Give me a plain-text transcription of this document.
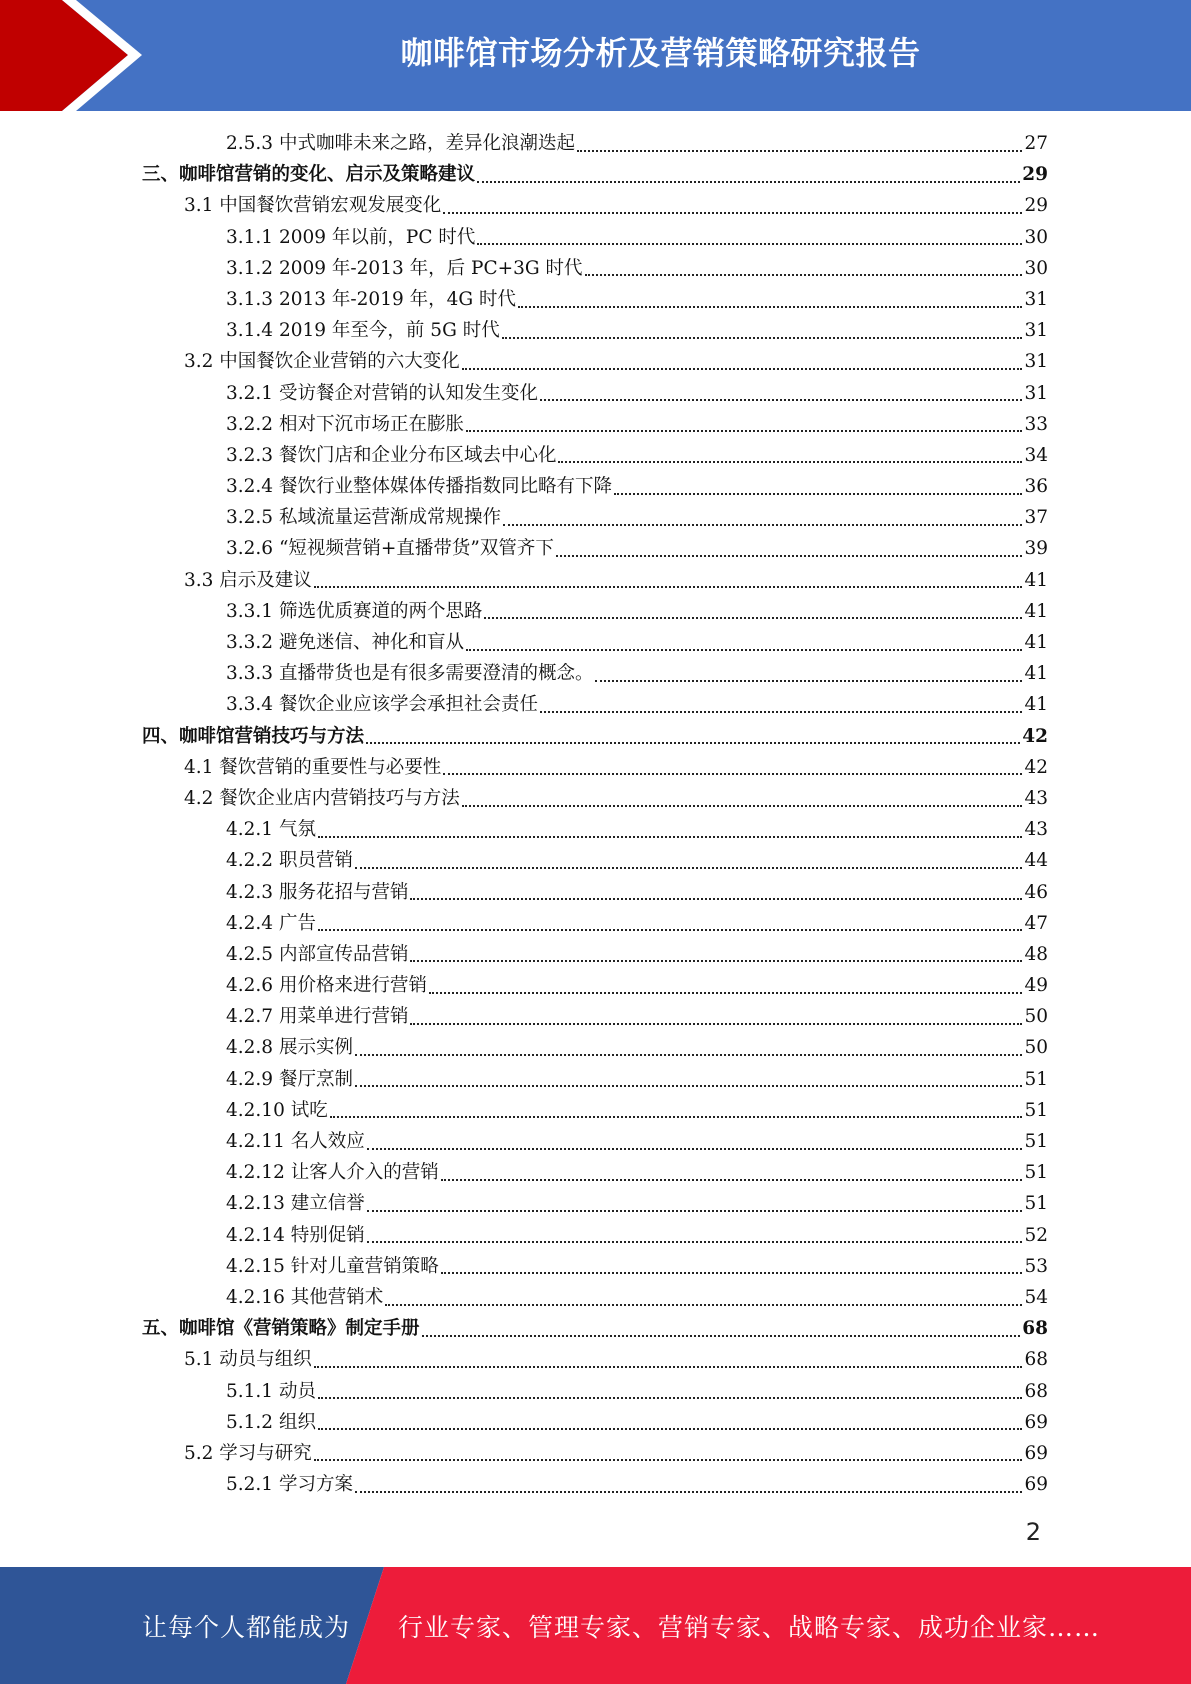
咖啡馆市场分析及营销策略研究报告
2.5.3 中式咖啡未来之路，差异化浪潮迭起	27
三、咖啡馆营销的变化、启示及策略建议	29
3.1 中国餐饮营销宏观发展变化	29
3.1.1 2009 年以前，PC 时代	30
3.1.2 2009 年-2013 年，后 PC+3G 时代	30
3.1.3 2013 年-2019 年，4G 时代	31
3.1.4 2019 年至今，前 5G 时代	31
3.2 中国餐饮企业营销的六大变化	31
3.2.1 受访餐企对营销的认知发生变化	31
3.2.2 相对下沉市场正在膨胀	33
3.2.3 餐饮门店和企业分布区域去中心化	34
3.2.4 餐饮行业整体媒体传播指数同比略有下降	36
3.2.5 私域流量运营渐成常规操作	37
3.2.6 “短视频营销+直播带货”双管齐下	39
3.3 启示及建议	41
3.3.1 筛选优质赛道的两个思路	41
3.3.2 避免迷信、神化和盲从	41
3.3.3 直播带货也是有很多需要澄清的概念。	41
3.3.4 餐饮企业应该学会承担社会责任	41
四、咖啡馆营销技巧与方法	42
4.1 餐饮营销的重要性与必要性	42
4.2 餐饮企业店内营销技巧与方法	43
4.2.1 气氛	43
4.2.2 职员营销	44
4.2.3 服务花招与营销	46
4.2.4 广告	47
4.2.5 内部宣传品营销	48
4.2.6 用价格来进行营销	49
4.2.7 用菜单进行营销	50
4.2.8 展示实例	50
4.2.9 餐厅烹制	51
4.2.10 试吃	51
4.2.11 名人效应	51
4.2.12 让客人介入的营销	51
4.2.13 建立信誉	51
4.2.14 特别促销	52
4.2.15 针对儿童营销策略	53
4.2.16 其他营销术	54
五、咖啡馆《营销策略》制定手册	68
5.1 动员与组织	68
5.1.1 动员	68
5.1.2 组织	69
5.2 学习与研究	69
5.2.1 学习方案	69
2
让每个人都能成为 行业专家、管理专家、营销专家、战略专家、成功企业家……
